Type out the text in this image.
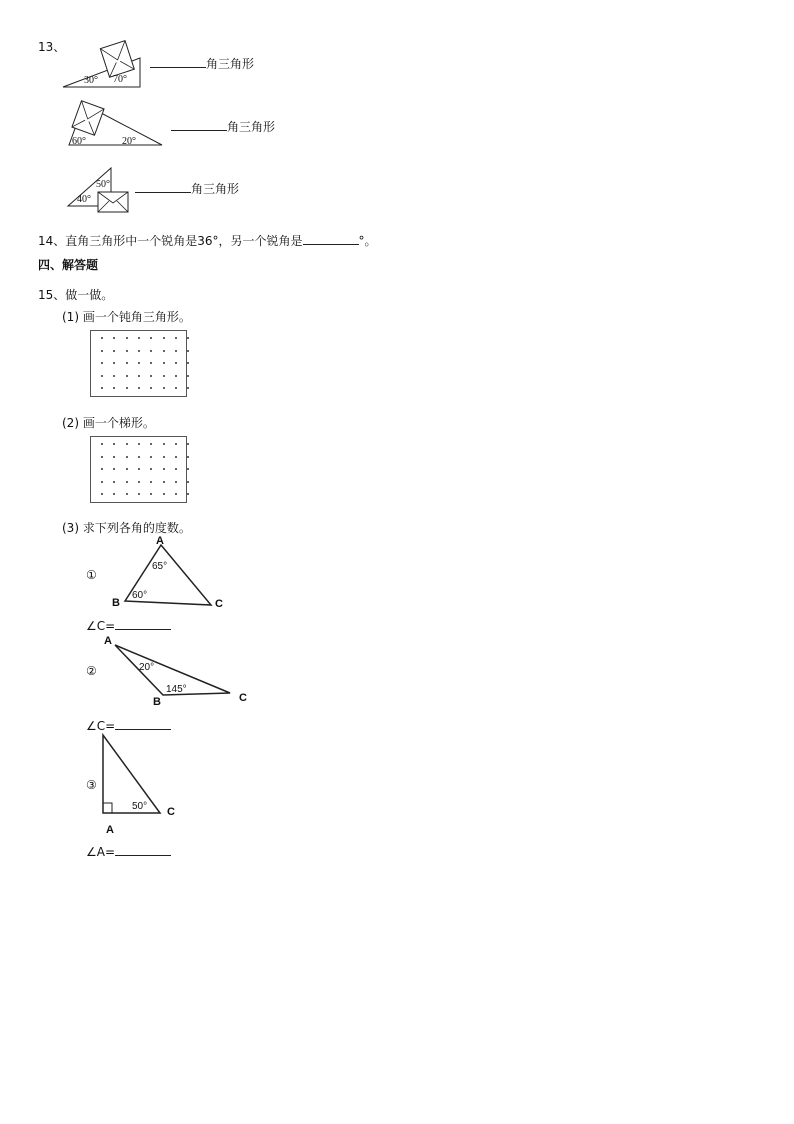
13、
30° 70°
角三角形
60°	20°
角三角形
50°
40°
角三角形
14、直角三角形中一个锐角是36°，另一个锐角是	°。
四、解答题
15、做一做。
(1) 画一个钝角三角形。
(2) 画一个梯形。
(3) 求下列各角的度数。
①
A
B	C
65°
60°
∠C=
②
A
B	C
20°
145°
∠C=
③
A
C
50°
∠A=
